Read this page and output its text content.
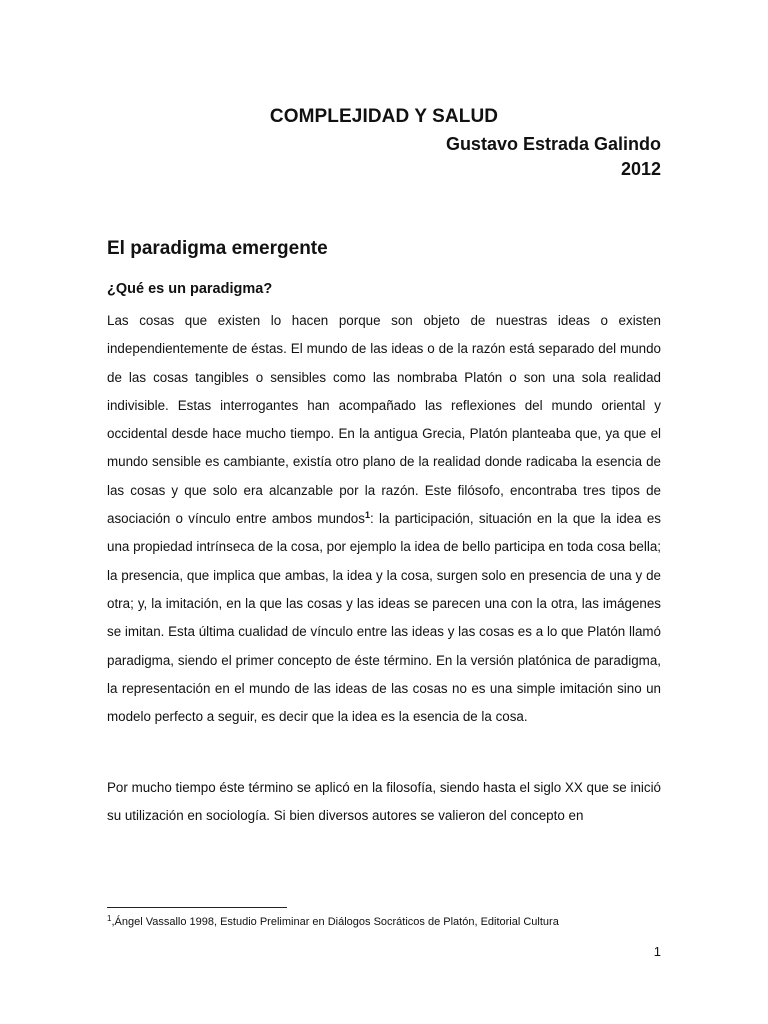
COMPLEJIDAD Y SALUD

Gustavo Estrada Galindo

2012

El paradigma emergente
¿Qué es un paradigma?

Las cosas que existen lo hacen porque son objeto de nuestras ideas o existen independientemente de éstas. El mundo de las ideas o de la razón está separado del mundo de las cosas tangibles o sensibles como las nombraba Platón o son una sola realidad indivisible. Estas interrogantes han acompañado las reflexiones del mundo oriental y occidental desde hace mucho tiempo. En la antigua Grecia, Platón planteaba que, ya que el mundo sensible es cambiante, existía otro plano de la realidad donde radicaba la esencia de las cosas y que solo era alcanzable por la razón. Este filósofo, encontraba tres tipos de asociación o vínculo entre ambos mundos$^1$: la participación, situación en la que la idea es una propiedad intrínseca de la cosa, por ejemplo la idea de bello participa en toda cosa bella; la presencia, que implica que ambas, la idea y la cosa, surgen solo en presencia de una y de otra; y, la imitación, en la que las cosas y las ideas se parecen una con la otra, las imágenes se imitan. Esta última cualidad de vínculo entre las ideas y las cosas es a lo que Platón llamó paradigma, siendo el primer concepto de éste término. En la versión platónica de paradigma, la representación en el mundo de las ideas de las cosas no es una simple imitación sino un modelo perfecto a seguir, es decir que la idea es la esencia de la cosa.

Por mucho tiempo éste término se aplicó en la filosofía, siendo hasta el siglo XX que se inició su utilización en sociología. Si bien diversos autores se valieron del concepto en

$^1$,Ángel Vassallo 1998, Estudio Preliminar en Diálogos Socráticos de Platón, Editorial Cultura

1
